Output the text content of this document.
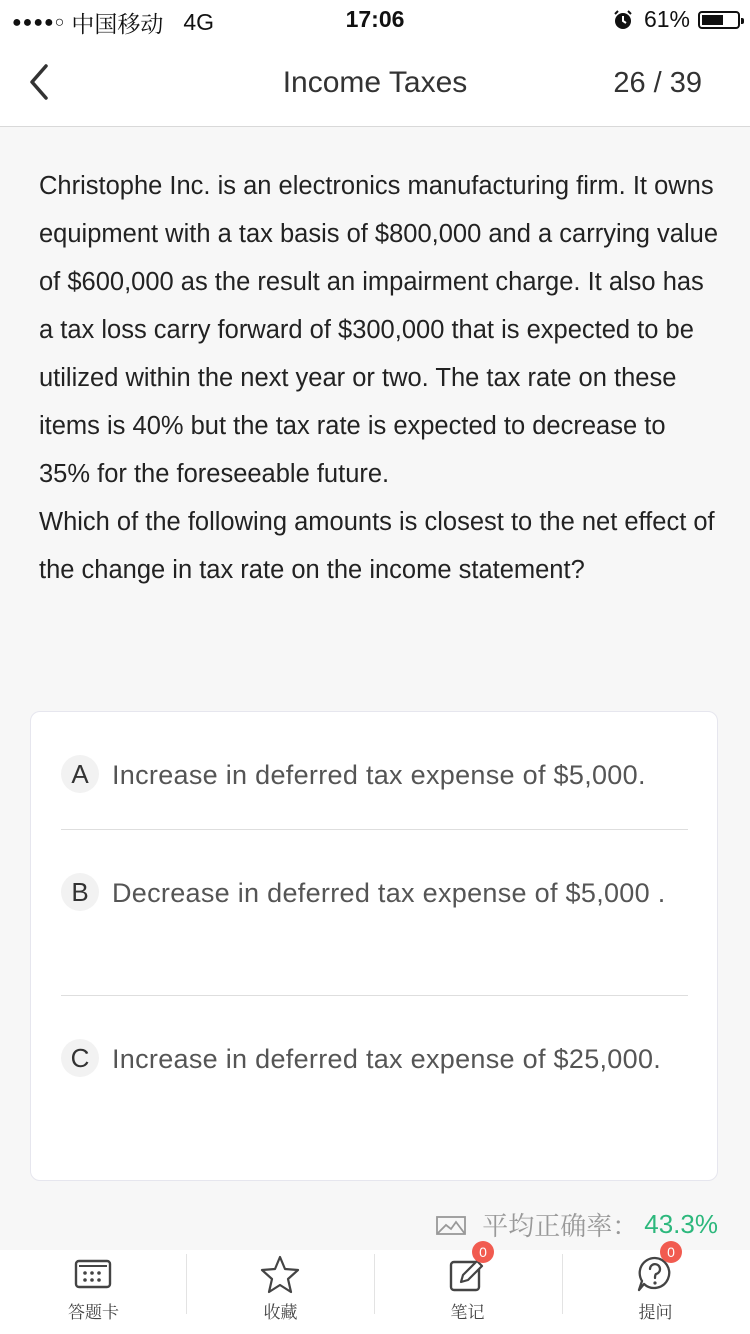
●●●●○ 中国移动 4G	17:06	61%
Income Taxes	26 / 39

Christophe Inc. is an electronics manufacturing firm. It owns equipment with a tax basis of $800,000 and a carrying value of $600,000 as the result an impairment charge. It also has a tax loss carry forward of $300,000 that is expected to be utilized within the next year or two. The tax rate on these items is 40% but the tax rate is expected to decrease to 35% for the foreseeable future.

Which of the following amounts is closest to the net effect of the change in tax rate on the income statement?

A Increase in deferred tax expense of $5,000.
B Decrease in deferred tax expense of $5,000 .
C Increase in deferred tax expense of $25,000.
平均正确率： 43.3%
答题卡	收藏
0
笔记
0
提问
